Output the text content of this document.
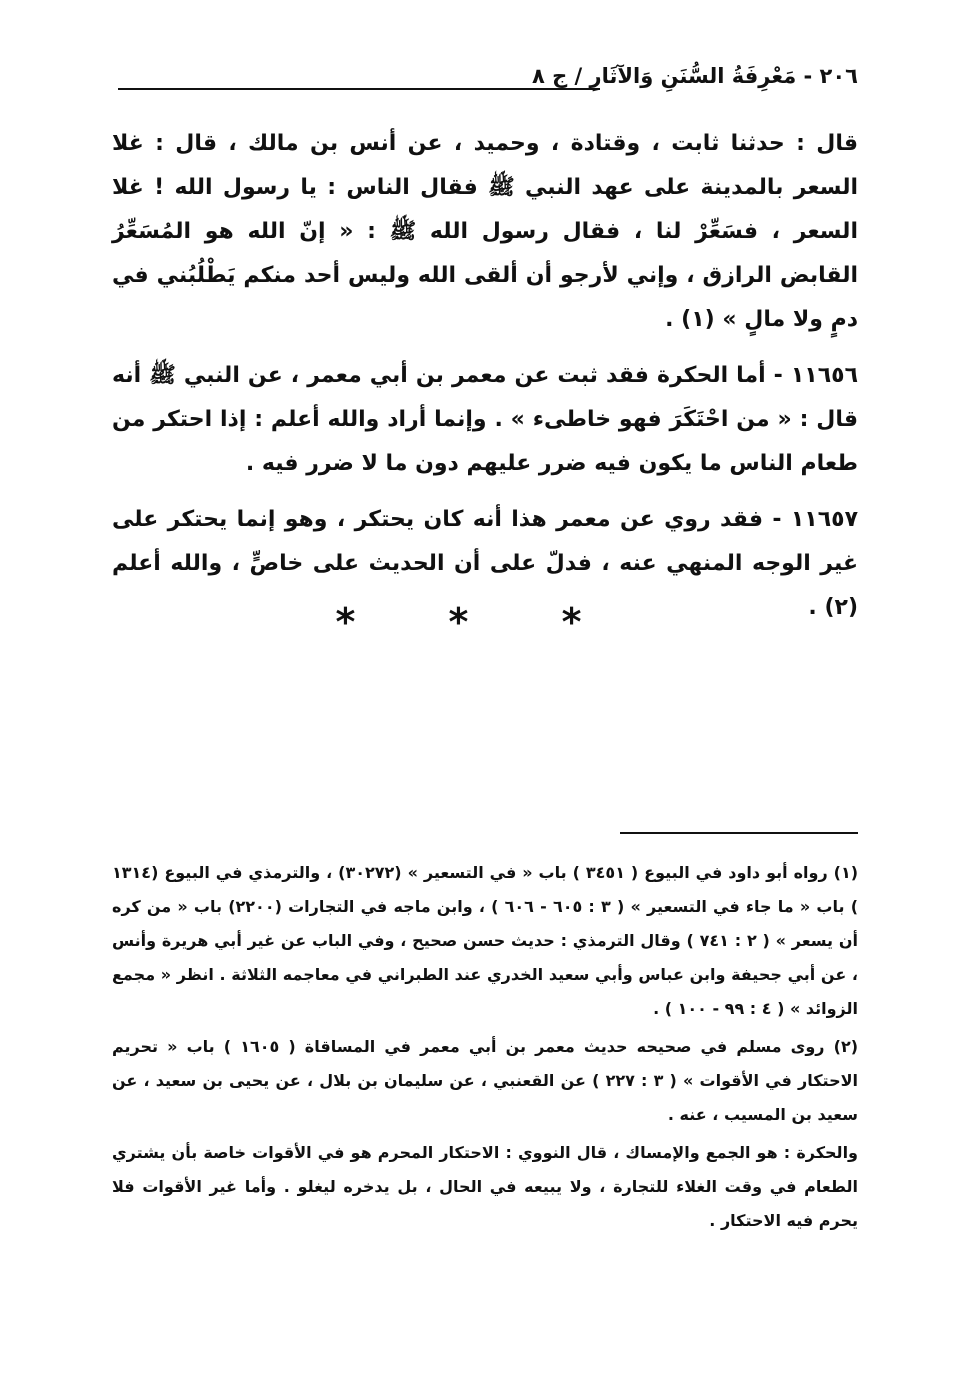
٢٠٦ - مَعْرِفَةُ السُّنَنِ وَالآثَارِ / ج ٨

قال : حدثنا ثابت ، وقتادة ، وحميد ، عن أنس بن مالك ، قال : غلا السعر بالمدينة على عهد النبي ﷺ فقال الناس : يا رسول الله ! غلا السعر ، فسَعِّرْ لنا ، فقال رسول الله ﷺ : « إنّ الله هو المُسَعِّرُ القابض الرازق ، وإني لأرجو أن ألقى الله وليس أحد منكم يَطْلُبُني في دمٍ ولا مالٍ » (١) .

١١٦٥٦ - أما الحكرة فقد ثبت عن معمر بن أبي معمر ، عن النبي ﷺ أنه قال : « من احْتَكَرَ فهو خاطىء » . وإنما أراد والله أعلم : إذا احتكر من طعام الناس ما يكون فيه ضرر عليهم دون ما لا ضرر فيه .

١١٦٥٧ - فقد روي عن معمر هذا أنه كان يحتكر ، وهو إنما يحتكر على غير الوجه المنهي عنه ، فدلّ على أن الحديث على خاصٍّ ، والله أعلم (٢) .

* * *

(١) رواه أبو داود في البيوع ( ٣٤٥١ ) باب « في التسعير » (٣٠٢٧٢) ، والترمذي في البيوع (١٣١٤ ) باب « ما جاء في التسعير » ( ٣ : ٦٠٥ - ٦٠٦ ) ، وابن ماجه في التجارات (٢٢٠٠) باب « من كره أن يسعر » ( ٢ : ٧٤١ ) وقال الترمذي : حديث حسن صحيح ، وفي الباب عن غير أبي هريرة وأنس ، عن أبي جحيفة وابن عباس وأبي سعيد الخدري عند الطبراني في معاجمه الثلاثة . انظر « مجمع الزوائد » ( ٤ : ٩٩ - ١٠٠ ) .

(٢) روى مسلم في صحيحه حديث معمر بن أبي معمر في المساقاة ( ١٦٠٥ ) باب « تحريم الاحتكار في الأقوات » ( ٣ : ٢٢٧ ) عن القعنبي ، عن سليمان بن بلال ، عن يحيى بن سعيد ، عن سعيد بن المسيب ، عنه .

والحكرة : هو الجمع والإمساك ، قال النووي : الاحتكار المحرم هو في الأقوات خاصة بأن يشتري الطعام في وقت الغلاء للتجارة ، ولا يبيعه في الحال ، بل يدخره ليغلو . وأما غير الأقوات فلا يحرم فيه الاحتكار .
